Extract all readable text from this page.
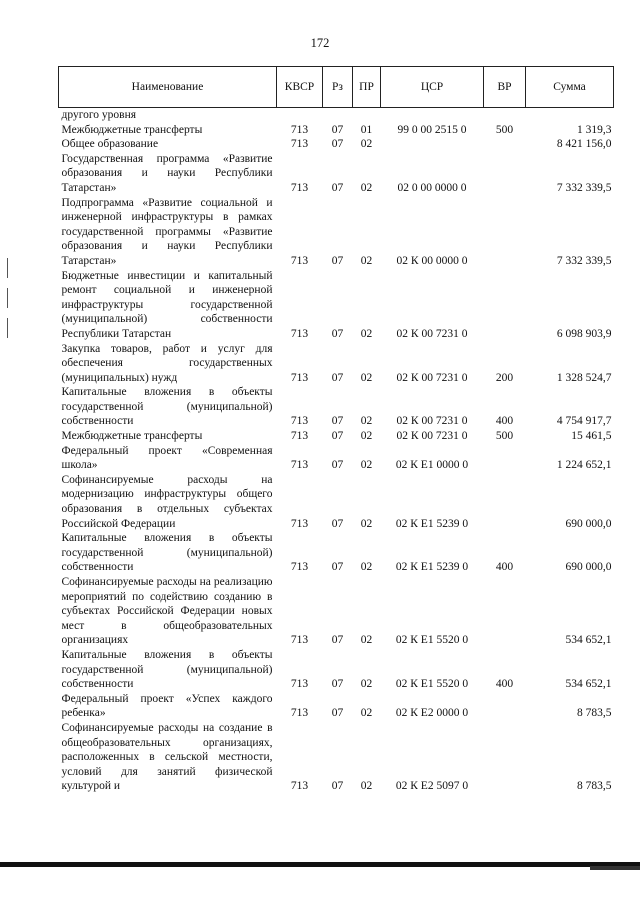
172
Наименование	КВСР	Рз	ПР	ЦСР	ВР	Сумма
другого уровня						
Межбюджетные трансферты	713	07	01	99 0 00 2515 0	500	1 319,3
Общее образование	713	07	02			8 421 156,0
Государственная программа «Развитие образования и науки Республики Татарстан»	713	07	02	02 0 00 0000 0		7 332 339,5
Подпрограмма «Развитие социальной и инженерной инфраструктуры в рамках государственной программы «Развитие образования и науки Республики Татарстан»	713	07	02	02 К 00 0000 0		7 332 339,5
Бюджетные инвестиции и капитальный ремонт социальной и инженерной инфраструктуры государственной (муниципальной) собственности Республики Татарстан	713	07	02	02 К 00 7231 0		6 098 903,9
Закупка товаров, работ и услуг для обеспечения государственных (муниципальных) нужд	713	07	02	02 К 00 7231 0	200	1 328 524,7
Капитальные вложения в объекты государственной (муниципальной) собственности	713	07	02	02 К 00 7231 0	400	4 754 917,7
Межбюджетные трансферты	713	07	02	02 К 00 7231 0	500	15 461,5
Федеральный проект «Современная школа»	713	07	02	02 К Е1 0000 0		1 224 652,1
Софинансируемые расходы на модернизацию инфраструктуры общего образования в отдельных субъектах Российской Федерации	713	07	02	02 К Е1 5239 0		690 000,0
Капитальные вложения в объекты государственной (муниципальной) собственности	713	07	02	02 К Е1 5239 0	400	690 000,0
Софинансируемые расходы на реализацию мероприятий по содействию созданию в субъектах Российской Федерации новых мест в общеобразовательных организациях	713	07	02	02 К Е1 5520 0		534 652,1
Капитальные вложения в объекты государственной (муниципальной) собственности	713	07	02	02 К Е1 5520 0	400	534 652,1
Федеральный проект «Успех каждого ребенка»	713	07	02	02 К Е2 0000 0		8 783,5
Софинансируемые расходы на создание в общеобразовательных организациях, расположенных в сельской местности, условий для занятий физической культурой и	713	07	02	02 К Е2 5097 0		8 783,5
